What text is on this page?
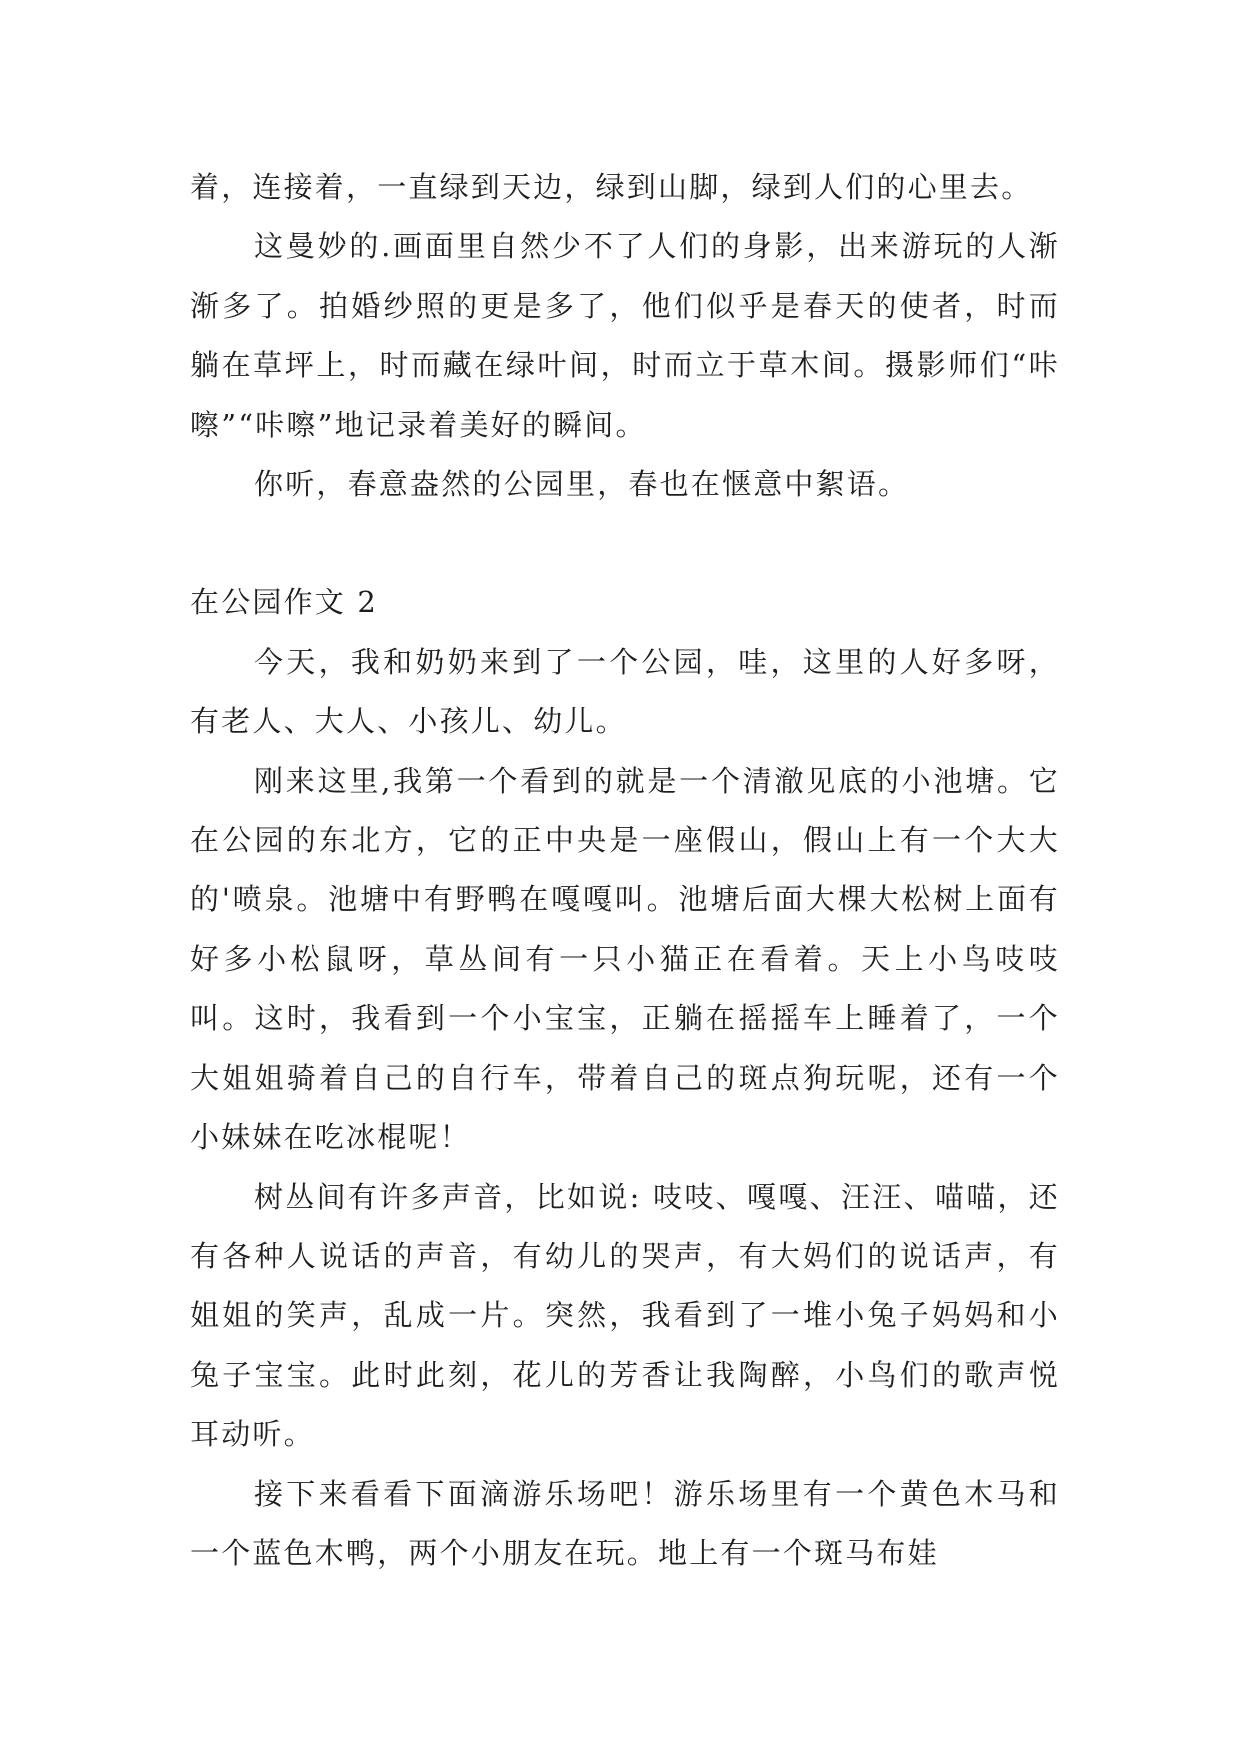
着，连接着，一直绿到天边，绿到山脚，绿到人们的心里去。

这曼妙的.画面里自然少不了人们的身影，出来游玩的人渐渐多了。拍婚纱照的更是多了，他们似乎是春天的使者，时而躺在草坪上，时而藏在绿叶间，时而立于草木间。摄影师们“咔嚓”“咔嚓”地记录着美好的瞬间。

你听，春意盎然的公园里，春也在惬意中絮语。

在公园作文 2

今天，我和奶奶来到了一个公园，哇，这里的人好多呀，有老人、大人、小孩儿、幼儿。

刚来这里,我第一个看到的就是一个清澈见底的小池塘。它在公园的东北方，它的正中央是一座假山，假山上有一个大大的'喷泉。池塘中有野鸭在嘎嘎叫。池塘后面大棵大松树上面有好多小松鼠呀，草丛间有一只小猫正在看着。天上小鸟吱吱叫。这时，我看到一个小宝宝，正躺在摇摇车上睡着了，一个大姐姐骑着自己的自行车，带着自己的斑点狗玩呢，还有一个小妹妹在吃冰棍呢！

树丛间有许多声音，比如说: 吱吱、嘎嘎、汪汪、喵喵，还有各种人说话的声音，有幼儿的哭声，有大妈们的说话声，有姐姐的笑声，乱成一片。突然，我看到了一堆小兔子妈妈和小兔子宝宝。此时此刻，花儿的芳香让我陶醉，小鸟们的歌声悦耳动听。

接下来看看下面滴游乐场吧！游乐场里有一个黄色木马和一个蓝色木鸭，两个小朋友在玩。地上有一个斑马布娃
